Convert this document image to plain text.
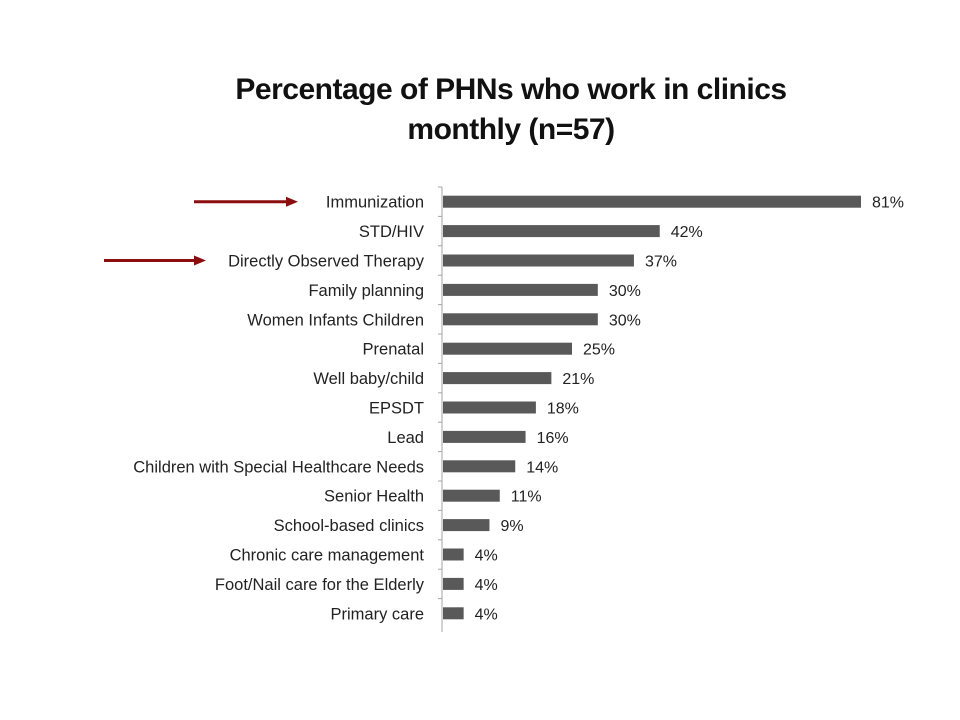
Percentage of PHNs who work in clinics
monthly (n=57)
Immunization	81%
STD/HIV	42%
Directly Observed Therapy	37%
Family planning	30%
Women Infants Children	30%
Prenatal	25%
Well baby/child	21%
EPSDT	18%
Lead	16%
Children with Special Healthcare Needs	14%
Senior Health	11%
School-based clinics	9%
Chronic care management	4%
Foot/Nail care for the Elderly	4%
Primary care	4%
